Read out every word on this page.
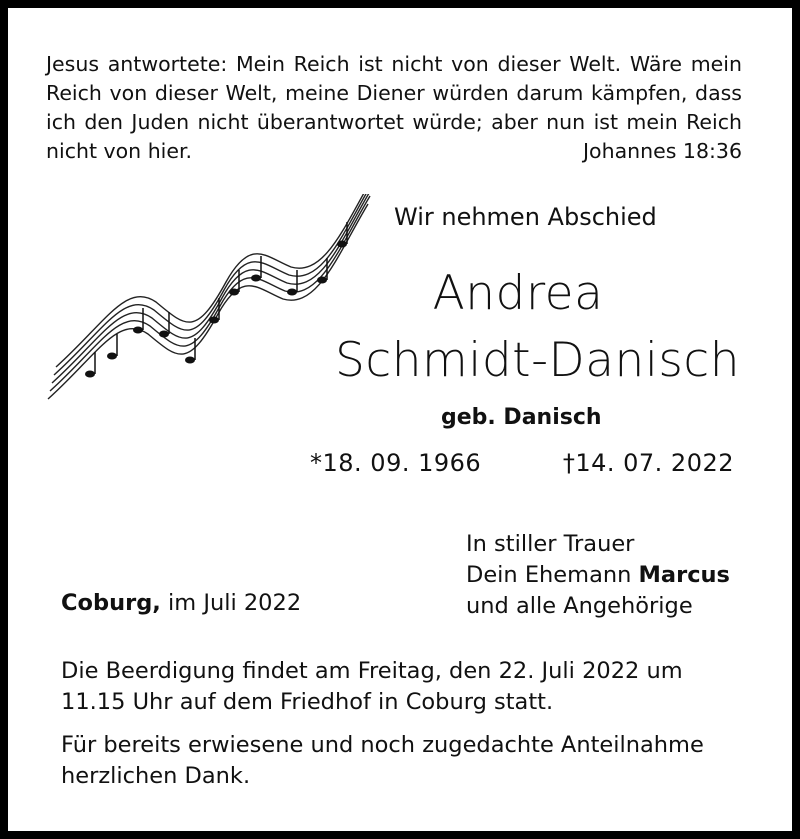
Jesus antwortete: Mein Reich ist nicht von dieser Welt. Wäre mein Reich von dieser Welt, meine Diener würden darum kämpfen, dass ich den Juden nicht überantwortet würde; aber nun ist mein Reich nicht von hier.	Johannes 18:36
Wir nehmen Abschied
Andrea
Schmidt-Danisch
geb. Danisch
*18. 09. 1966	†14. 07. 2022
In stiller Trauer
Dein Ehemann Marcus
und alle Angehörige
Coburg, im Juli 2022
Die Beerdigung findet am Freitag, den 22. Juli 2022 um 11.15 Uhr auf dem Friedhof in Coburg statt.
Für bereits erwiesene und noch zugedachte Anteilnahme herzlichen Dank.
